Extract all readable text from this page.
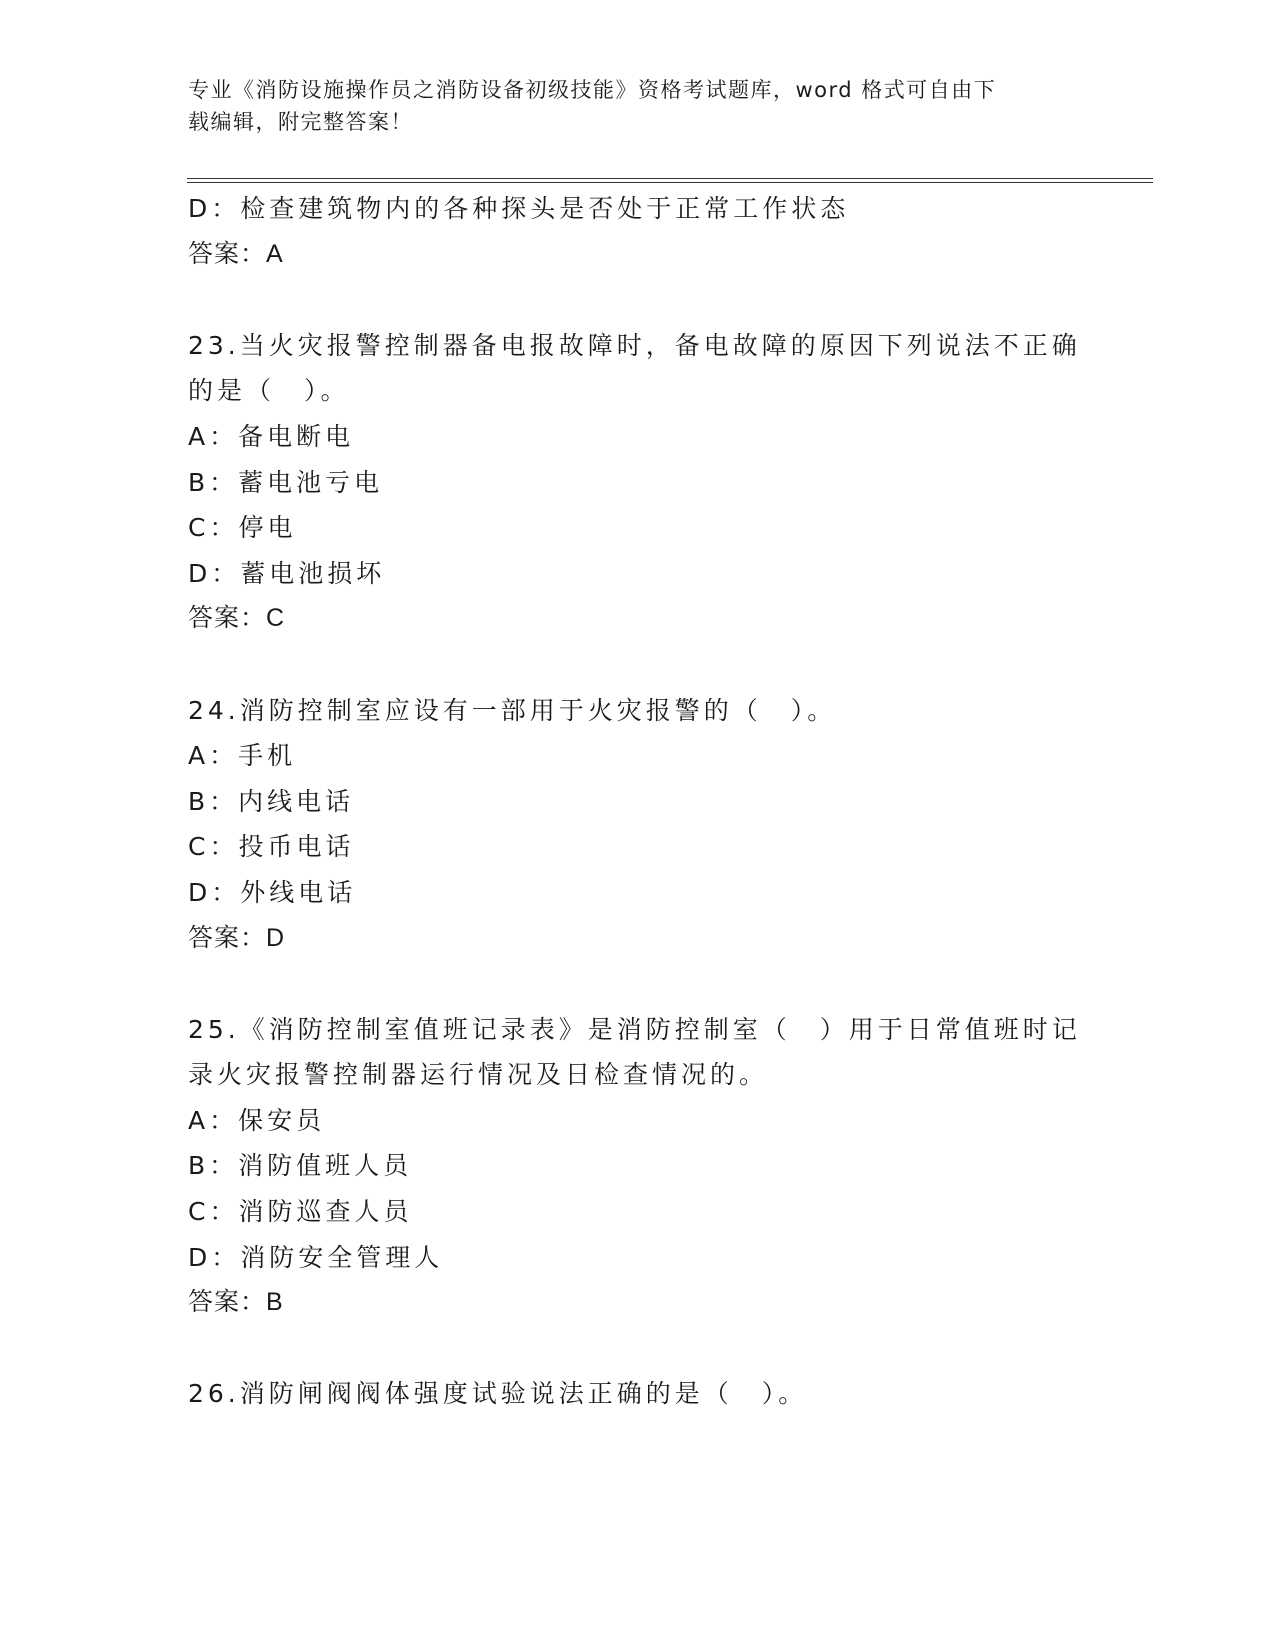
专业《消防设施操作员之消防设备初级技能》资格考试题库，word 格式可自由下
载编辑，附完整答案！
D：检查建筑物内的各种探头是否处于正常工作状态
答案：A
23.当火灾报警控制器备电报故障时，备电故障的原因下列说法不正确
的是（　）。
A：备电断电
B：蓄电池亏电
C：停电
D：蓄电池损坏
答案：C
24.消防控制室应设有一部用于火灾报警的（　）。
A：手机
B：内线电话
C：投币电话
D：外线电话
答案：D
25.《消防控制室值班记录表》是消防控制室（　）用于日常值班时记
录火灾报警控制器运行情况及日检查情况的。
A：保安员
B：消防值班人员
C：消防巡查人员
D：消防安全管理人
答案：B
26.消防闸阀阀体强度试验说法正确的是（　）。
